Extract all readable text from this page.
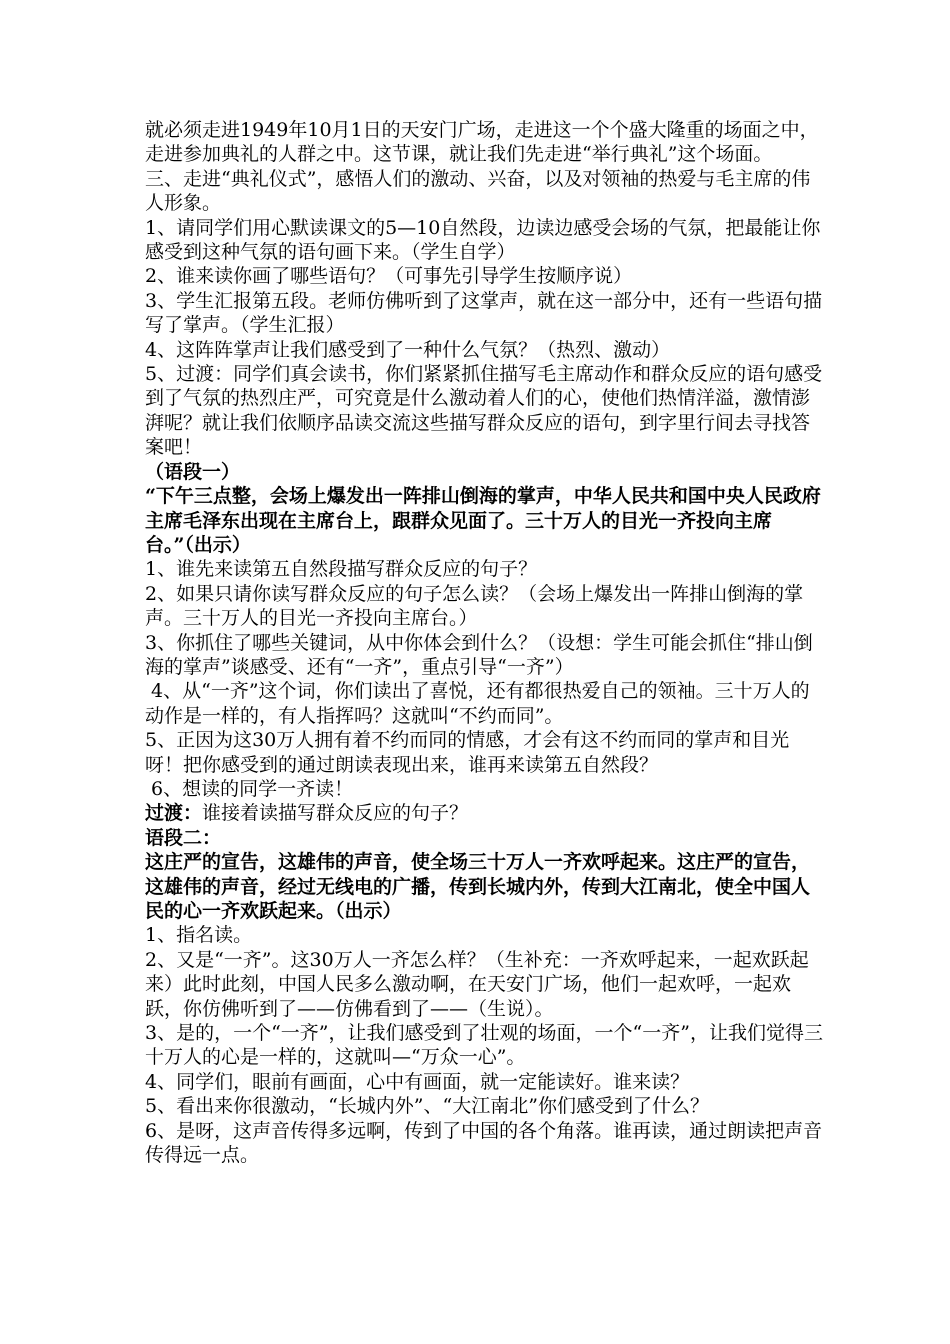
就必须走进1949年10月1日的天安门广场，走进这一个个盛大隆重的场面之中，走进参加典礼的人群之中。这节课，就让我们先走进“举行典礼”这个场面。

三、走进“典礼仪式”，感悟人们的激动、兴奋，以及对领袖的热爱与毛主席的伟人形象。

1、请同学们用心默读课文的5—10自然段，边读边感受会场的气氛，把最能让你感受到这种气氛的语句画下来。（学生自学）

2、谁来读你画了哪些语句？（可事先引导学生按顺序说）

3、学生汇报第五段。老师仿佛听到了这掌声，就在这一部分中，还有一些语句描写了掌声。（学生汇报）

4、这阵阵掌声让我们感受到了一种什么气氛？（热烈、激动）

5、过渡：同学们真会读书，你们紧紧抓住描写毛主席动作和群众反应的语句感受到了气氛的热烈庄严，可究竟是什么激动着人们的心，使他们热情洋溢，激情澎湃呢？就让我们依顺序品读交流这些描写群众反应的语句，到字里行间去寻找答案吧！

（语段一）

“下午三点整，会场上爆发出一阵排山倒海的掌声，中华人民共和国中央人民政府主席毛泽东出现在主席台上，跟群众见面了。三十万人的目光一齐投向主席台。”（出示）

1、谁先来读第五自然段描写群众反应的句子？

2、如果只请你读写群众反应的句子怎么读？（会场上爆发出一阵排山倒海的掌声。三十万人的目光一齐投向主席台。）

3、你抓住了哪些关键词，从中你体会到什么？（设想：学生可能会抓住“排山倒海的掌声”谈感受、还有“一齐”，重点引导“一齐”）

4、从“一齐”这个词，你们读出了喜悦，还有都很热爱自己的领袖。三十万人的动作是一样的，有人指挥吗？这就叫“不约而同”。

5、正因为这30万人拥有着不约而同的情感，才会有这不约而同的掌声和目光呀！把你感受到的通过朗读表现出来，谁再来读第五自然段？

6、想读的同学一齐读！

过渡：谁接着读描写群众反应的句子？

语段二：

这庄严的宣告，这雄伟的声音，使全场三十万人一齐欢呼起来。这庄严的宣告，这雄伟的声音，经过无线电的广播，传到长城内外，传到大江南北，使全中国人民的心一齐欢跃起来。（出示）

1、指名读。

2、又是“一齐”。这30万人一齐怎么样？（生补充：一齐欢呼起来，一起欢跃起来）此时此刻，中国人民多么激动啊，在天安门广场，他们一起欢呼，一起欢跃，你仿佛听到了——仿佛看到了——（生说）。

3、是的，一个“一齐”，让我们感受到了壮观的场面，一个“一齐”，让我们觉得三十万人的心是一样的，这就叫—“万众一心”。

4、同学们，眼前有画面，心中有画面，就一定能读好。谁来读？

5、看出来你很激动，“长城内外”、“大江南北”你们感受到了什么？

6、是呀，这声音传得多远啊，传到了中国的各个角落。谁再读，通过朗读把声音传得远一点。
